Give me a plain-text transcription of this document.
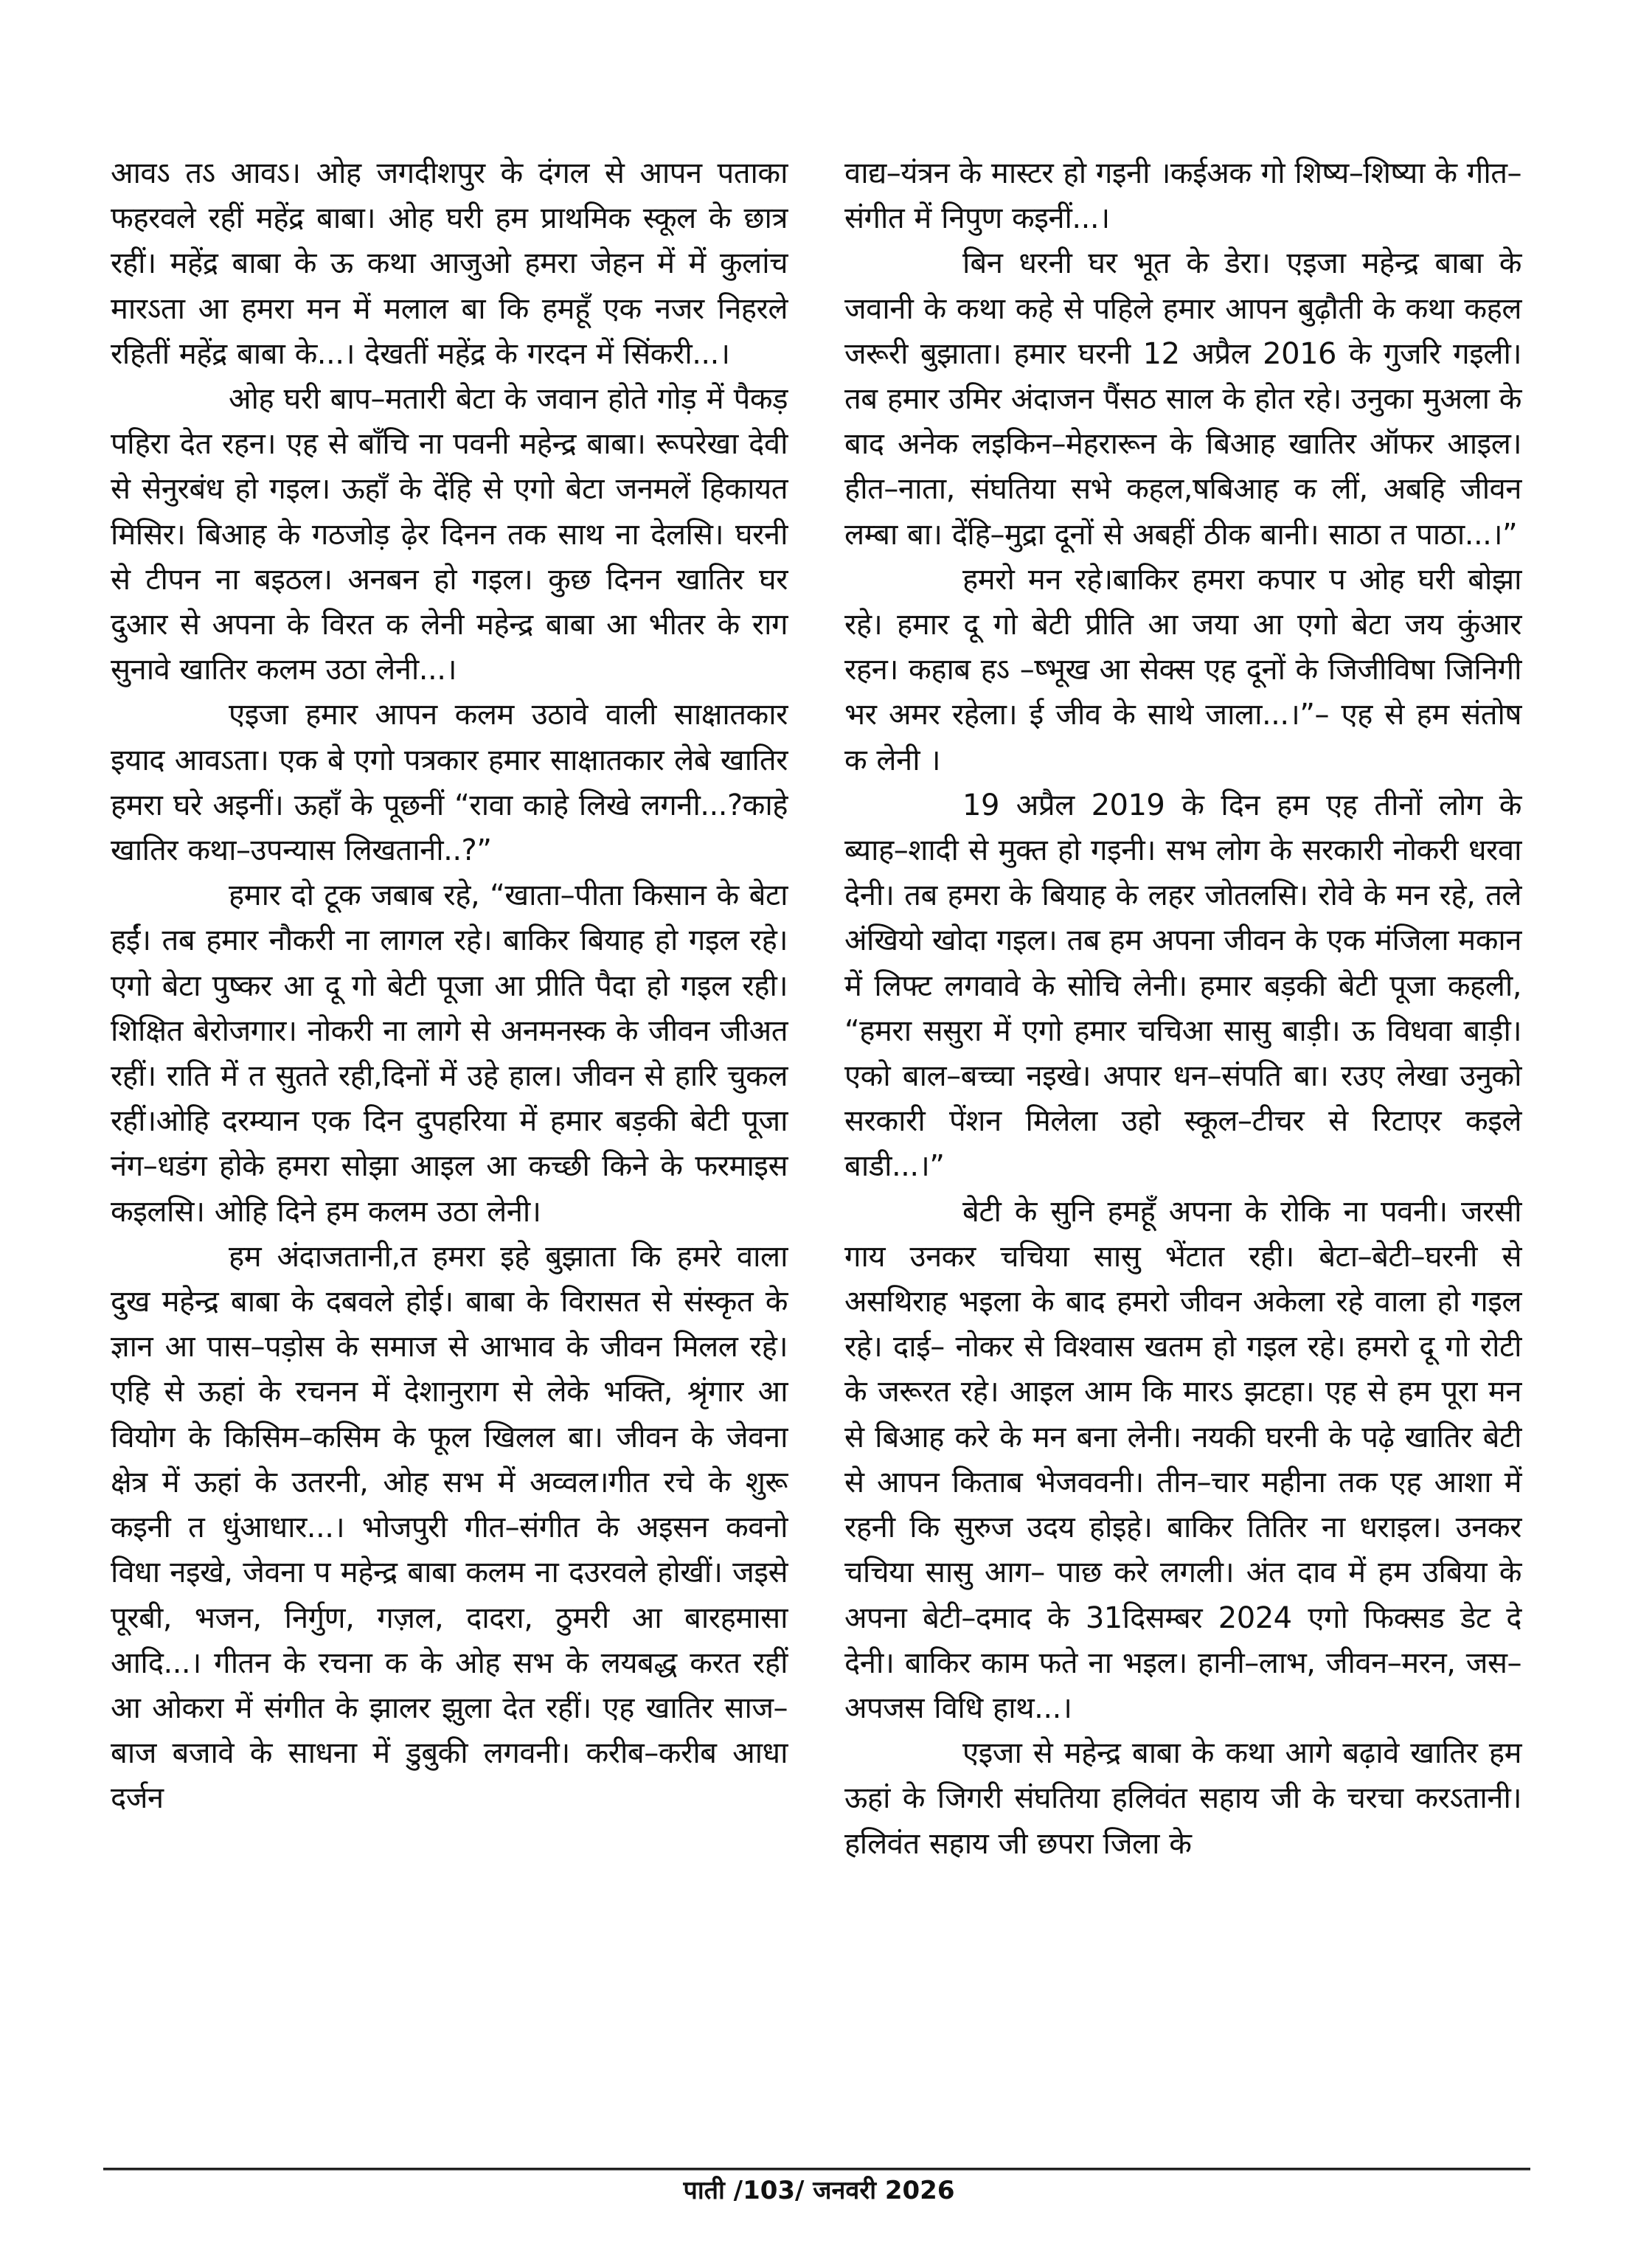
आवऽ तऽ आवऽ। ओह जगदीशपुर के दंगल से आपन पताका फहरवले रहीं महेंद्र बाबा। ओह घरी हम प्राथमिक स्कूल के छात्र रहीं। महेंद्र बाबा के ऊ कथा आजुओ हमरा जेहन में में कुलांच मारऽता आ हमरा मन में मलाल बा कि हमहूँ एक नजर निहरले रहितीं महेंद्र बाबा के...। देखतीं महेंद्र के गरदन में सिंकरी...।

ओह घरी बाप–मतारी बेटा के जवान होते गोड़ में पैकड़ पहिरा देत रहन। एह से बाँचि ना पवनी महेन्द्र बाबा। रूपरेखा देवी से सेनुरबंध हो गइल। ऊहाँ के देंहि से एगो बेटा जनमलें हिकायत मिसिर। बिआह के गठजोड़ ढ़ेर दिनन तक साथ ना देलसि। घरनी से टीपन ना बइठल। अनबन हो गइल। कुछ दिनन खातिर घर दुआर से अपना के विरत क लेनी महेन्द्र बाबा आ भीतर के राग सुनावे खातिर कलम उठा लेनी...।

एइजा हमार आपन कलम उठावे वाली साक्षातकार इयाद आवऽता। एक बे एगो पत्रकार हमार साक्षातकार लेबे खातिर हमरा घरे अइनीं। ऊहाँ के पूछनीं “रावा काहे लिखे लगनी...?काहे खातिर कथा–उपन्यास लिखतानी..?”

हमार दो टूक जबाब रहे, “खाता–पीता किसान के बेटा हईं। तब हमार नौकरी ना लागल रहे। बाकिर बियाह हो गइल रहे। एगो बेटा पुष्कर आ दू गो बेटी पूजा आ प्रीति पैदा हो गइल रही। शिक्षित बेरोजगार। नोकरी ना लागे से अनमनस्क के जीवन जीअत रहीं। राति में त सुतते रही,दिनों में उहे हाल। जीवन से हारि चुकल रहीं।ओहि दरम्यान एक दिन दुपहरिया में हमार बड़की बेटी पूजा नंग–धडंग होके हमरा सोझा आइल आ कच्छी किने के फरमाइस कइलसि। ओहि दिने हम कलम उठा लेनी।

हम अंदाजतानी,त हमरा इहे बुझाता कि हमरे वाला दुख महेन्द्र बाबा के दबवले होई। बाबा के विरासत से संस्कृत के ज्ञान आ पास–पड़ोस के समाज से आभाव के जीवन मिलल रहे। एहि से ऊहां के रचनन में देशानुराग से लेके भक्ति, श्रृंगार आ वियोग के किसिम–कसिम के फूल खिलल बा। जीवन के जेवना क्षेत्र में ऊहां के उतरनी, ओह सभ में अव्वल।गीत रचे के शुरू कइनी त धुंआधार...। भोजपुरी गीत–संगीत के अइसन कवनो विधा नइखे, जेवना प महेन्द्र बाबा कलम ना दउरवले होखीं। जइसे पूरबी, भजन, निर्गुण, गज़ल, दादरा, ठुमरी आ बारहमासा आदि...। गीतन के रचना क के ओह सभ के लयबद्ध करत रहीं आ ओकरा में संगीत के झालर झुला देत रहीं। एह खातिर साज–बाज बजावे के साधना में डुबुकी लगवनी। करीब–करीब आधा दर्जन

वाद्य–यंत्रन के मास्टर हो गइनी ।कईअक गो शिष्य–शिष्या के गीत–संगीत में निपुण कइनीं...।

बिन धरनी घर भूत के डेरा। एइजा महेन्द्र बाबा के जवानी के कथा कहे से पहिले हमार आपन बुढ़ौती के कथा कहल जरूरी बुझाता। हमार घरनी 12 अप्रैल 2016 के गुजरि गइली। तब हमार उमिर अंदाजन पैंसठ साल के होत रहे। उनुका मुअला के बाद अनेक लइकिन–मेहरारून के बिआह खातिर ऑफर आइल। हीत–नाता, संघतिया सभे कहल,षबिआह क लीं, अबहि जीवन लम्बा बा। देंहि–मुद्रा दूनों से अबहीं ठीक बानी। साठा त पाठा...।”

हमरो मन रहे।बाकिर हमरा कपार प ओह घरी बोझा रहे। हमार दू गो बेटी प्रीति आ जया आ एगो बेटा जय कुंआर रहन। कहाब हऽ –ष्भूख आ सेक्स एह दूनों के जिजीविषा जिनिगी भर अमर रहेला। ई जीव के साथे जाला...।”– एह से हम संतोष क लेनी ।

19 अप्रैल 2019 के दिन हम एह तीनों लोग के ब्याह–शादी से मुक्त हो गइनी। सभ लोग के सरकारी नोकरी धरवा देनी। तब हमरा के बियाह के लहर जोतलसि। रोवे के मन रहे, तले अंखियो खोदा गइल। तब हम अपना जीवन के एक मंजिला मकान में लिफ्ट लगवावे के सोचि लेनी। हमार बड़की बेटी पूजा कहली, “हमरा ससुरा में एगो हमार चचिआ सासु बाड़ी। ऊ विधवा बाड़ी। एको बाल–बच्चा नइखे। अपार धन–संपति बा। रउए लेखा उनुको सरकारी पेंशन मिलेला उहो स्कूल–टीचर से रिटाएर कइले बाडी...।”

बेटी के सुनि हमहूँ अपना के रोकि ना पवनी। जरसी गाय उनकर चचिया सासु भेंटात रही। बेटा–बेटी–घरनी से असथिराह भइला के बाद हमरो जीवन अकेला रहे वाला हो गइल रहे। दाई– नोकर से विश्वास खतम हो गइल रहे। हमरो दू गो रोटी के जरूरत रहे। आइल आम कि मारऽ झटहा। एह से हम पूरा मन से बिआह करे के मन बना लेनी। नयकी घरनी के पढ़े खातिर बेटी से आपन किताब भेजववनी। तीन–चार महीना तक एह आशा में रहनी कि सुरुज उदय होइहे। बाकिर तितिर ना धराइल। उनकर चचिया सासु आग– पाछ करे लगली। अंत दाव में हम उबिया के अपना बेटी–दमाद के 31दिसम्बर 2024 एगो फिक्सड डेट दे देनी। बाकिर काम फते ना भइल। हानी–लाभ, जीवन–मरन, जस– अपजस विधि हाथ...।

एइजा से महेन्द्र बाबा के कथा आगे बढ़ावे खातिर हम ऊहां के जिगरी संघतिया हलिवंत सहाय जी के चरचा करऽतानी। हलिवंत सहाय जी छपरा जिला के

पाती /103/ जनवरी 2026
